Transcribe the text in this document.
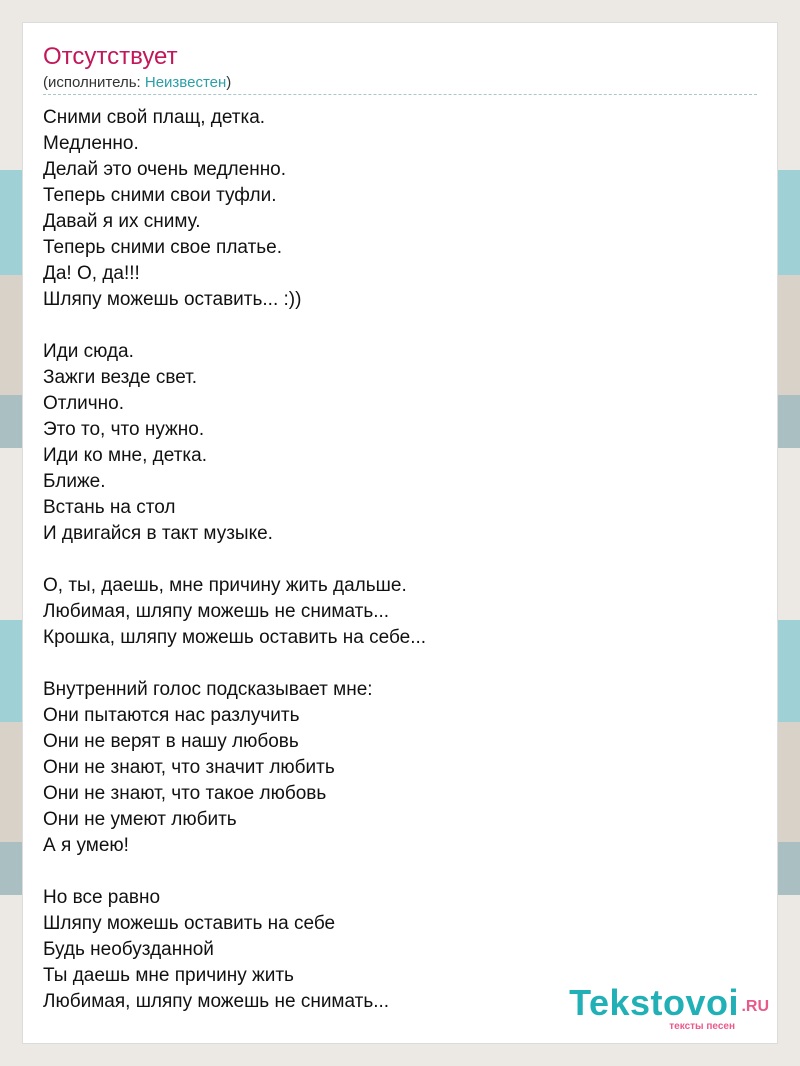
Отсутствует
(исполнитель: Неизвестен)
Сними свой плащ, детка.
Медленно.
Делай это очень медленно.
Теперь сними свои туфли.
Давай я их сниму.
Теперь сними свое платье.
Да! О, да!!!
Шляпу можешь оставить... :))
Иди сюда.
Зажги везде свет.
Отлично.
Это то, что нужно.
Иди ко мне, детка.
Ближе.
Встань на стол
И двигайся в такт музыке.
О, ты, даешь, мне причину жить дальше.
Любимая, шляпу можешь не снимать...
Крошка, шляпу можешь оставить на себе...
Внутренний голос подсказывает мне:
Они пытаются нас разлучить
Они не верят в нашу любовь
Они не знают, что значит любить
Они не знают, что такое любовь
Они не умеют любить
А я умею!
Но все равно
Шляпу можешь оставить на себе
Будь необузданной
Ты даешь мне причину жить
Любимая, шляпу можешь не снимать...	Tekstovoi .RU
тексты песен
